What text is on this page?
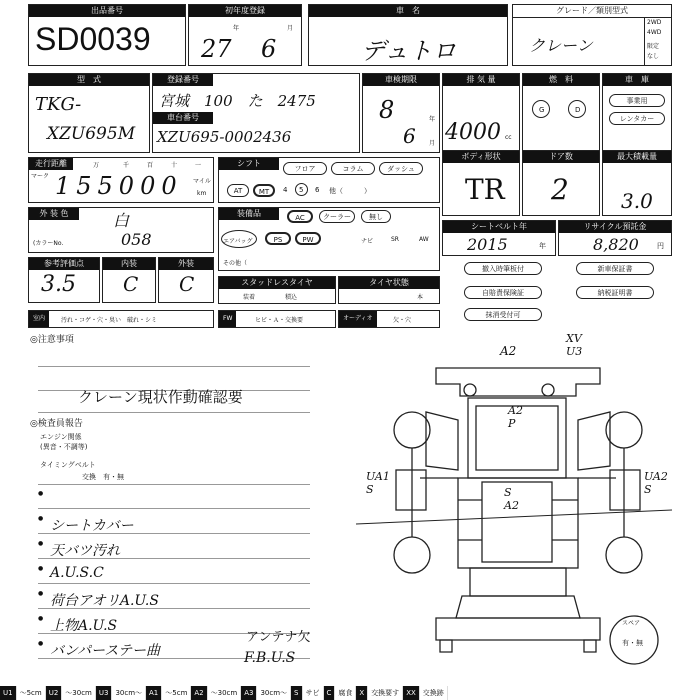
出品番号
SD0039
初年度登録
年	月
27 6
車　名
デュトロ
グレード／類別型式
クレーン
2WD
4WD
限定
なし
型　式
TKG-
XZU695M
登録番号
宮城　100　た　2475
車台番号
XZU695-0002436
車検期限
8	年
6 月
排 気 量
4000 cc
燃　料
G	D
車　庫
事業用
レンタカー
走行距離
マーク
万	千	百	十	一
155000 マイル
km
シフト
フロア	コラム	ダッシュ
AT	MT	4 5 6 他（　　　）
ボディ形状
TR
ドア数
2
最大積載量
3.0
外 装 色	白
(カラーNo.	058
装備品	AC	クーラー	無し
エアバッグ	PS	PW	ナビ	SR	AW
その他（
シートベルト年
2015	年
リサイクル預託金
8,820	円
参考評価点
3.5
内装
C
外装
C	スタッドレスタイヤ
装着	積込
タイヤ状態
本
撤入時筆板付	新車保証書
自賠責保険証	納税証明書
抹消受付可
室内	汚れ・コゲ・穴・臭い　破れ・シミ	FW	ヒビ・Ａ・交換要	オーディオ	欠・穴
◎注意事項
クレーン現状作動確認要
◎検査員報告
エンジン関係
(異音・不調等)
タイミングベルト
交換　有・無
●
● シートカバー
● 天バツ汚れ
● A.U.S.C
● 荷台アオリA.U.S
● 上物A.U.S
● バンパーステー曲
アンテナ欠
F.B.U.S
A2
XV U3
A2 P
UA1 S
UA2 S
S A2
スペア
有・無
U1	～5cm	U2	～30cm	U3	30cm～	A1	～5cm	A2	～30cm	A3	30cm～	S	サビ	C	腐食	X	交換要す	XX	交換跡
